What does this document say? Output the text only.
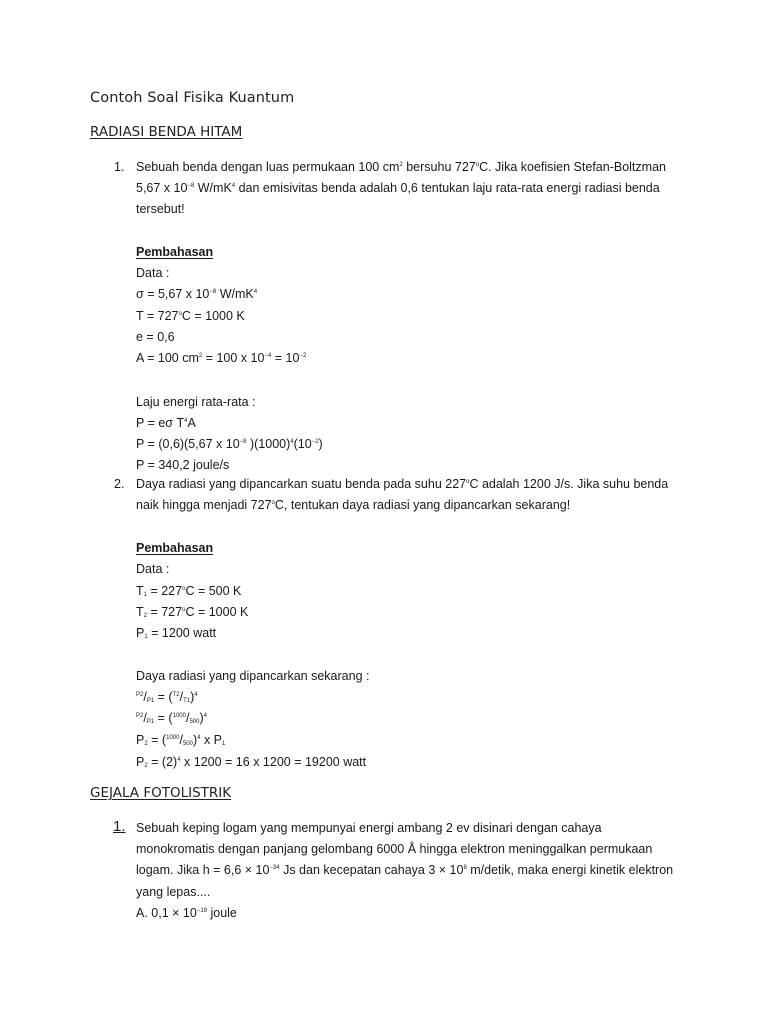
Contoh Soal Fisika Kuantum
RADIASI BENDA HITAM
1. Sebuah benda dengan luas permukaan 100 $cm^2$ bersuhu 727$^o$C. Jika koefisien Stefan-Boltzman
5,67 x $10^{-8}$ $W/mK^4$ dan emisivitas benda adalah 0,6 tentukan laju rata-rata energi radiasi benda
tersebut!
Pembahasan
Data :
σ = 5,67 x $10^{-8}$ $W/mK^4$
$T = 727^oC = 1000$ K
e = 0,6
A = 100 $cm^2 = 100$ x $10^{-4} = 10^{-2}$
Laju energi rata-rata :
P = eσ $T^4A$
P = (0,6)(5,67 x $10^{-8}$ )$(1000)^4(10^{-2})$
P = 340,2 joule/s
2. Daya radiasi yang dipancarkan suatu benda pada suhu 227$^o$C adalah 1200 J/s. Jika suhu benda
naik hingga menjadi 727$^o$C, tentukan daya radiasi yang dipancarkan sekarang!
Pembahasan
Data :
$T_1 = 227^oC = 500$ K
$T_2 = 727^oC = 1000$ K
$P_1 = 1200$ watt
Daya radiasi yang dipancarkan sekarang :
$^{P2}/_{P1} = (^{T2}/_{T1})^4$
$^{P2}/_{P1} = (^{1000}/_{500})^4$
$P_2 = (^{1000}/_{500})^4$ x $P_1$
$P_2 = (2)^4$ x 1200 = 16 x 1200 = 19200 watt
GEJALA FOTOLISTRIK
1. Sebuah keping logam yang mempunyai energi ambang 2 ev disinari dengan cahaya
monokromatis dengan panjang gelombang 6000 Å hingga elektron meninggalkan permukaan
logam. Jika $h = 6,6 \times 10^{-34}$ Js dan kecepatan cahaya $3 \times 10^8$ m/detik, maka energi kinetik elektron
yang lepas....
A. $0,1 \times 10^{-19}$ joule
